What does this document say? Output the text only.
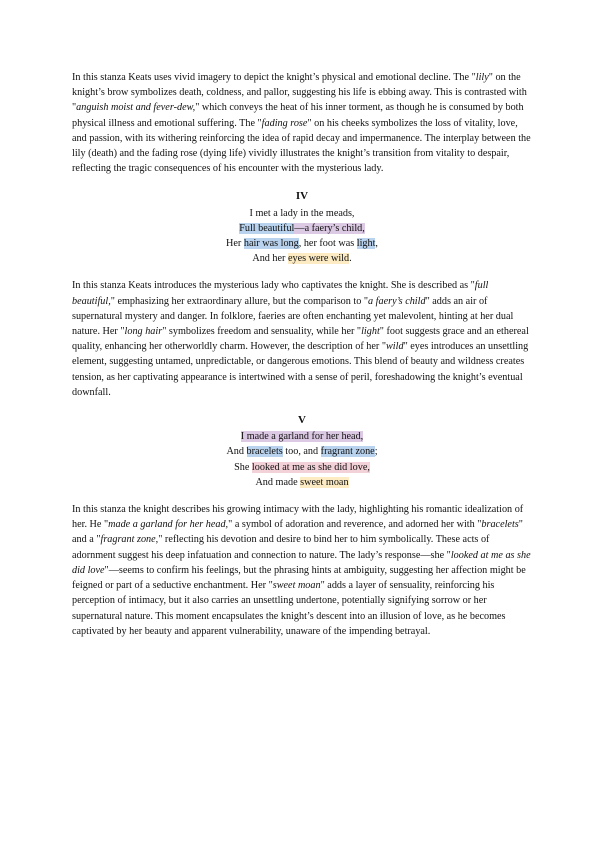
In this stanza Keats uses vivid imagery to depict the knight’s physical and emotional decline. The "lily" on the knight’s brow symbolizes death, coldness, and pallor, suggesting his life is ebbing away. This is contrasted with "anguish moist and fever-dew," which conveys the heat of his inner torment, as though he is consumed by both physical illness and emotional suffering. The "fading rose" on his cheeks symbolizes the loss of vitality, love, and passion, with its withering reinforcing the idea of rapid decay and impermanence. The interplay between the lily (death) and the fading rose (dying life) vividly illustrates the knight’s transition from vitality to despair, reflecting the tragic consequences of his encounter with the mysterious lady.

IV
I met a lady in the meads,
Full beautiful—a faery’s child,
Her hair was long, her foot was light,
And her eyes were wild.

In this stanza Keats introduces the mysterious lady who captivates the knight. She is described as "full beautiful," emphasizing her extraordinary allure, but the comparison to "a faery’s child" adds an air of supernatural mystery and danger. In folklore, faeries are often enchanting yet malevolent, hinting at her dual nature. Her "long hair" symbolizes freedom and sensuality, while her "light" foot suggests grace and an ethereal quality, enhancing her otherworldly charm. However, the description of her "wild" eyes introduces an unsettling element, suggesting untamed, unpredictable, or dangerous emotions. This blend of beauty and wildness creates tension, as her captivating appearance is intertwined with a sense of peril, foreshadowing the knight’s eventual downfall.

V
I made a garland for her head,
And bracelets too, and fragrant zone;
She looked at me as she did love,
And made sweet moan

In this stanza the knight describes his growing intimacy with the lady, highlighting his romantic idealization of her. He "made a garland for her head," a symbol of adoration and reverence, and adorned her with "bracelets" and a "fragrant zone," reflecting his devotion and desire to bind her to him symbolically. These acts of adornment suggest his deep infatuation and connection to nature. The lady’s response—she "looked at me as she did love"—seems to confirm his feelings, but the phrasing hints at ambiguity, suggesting her affection might be feigned or part of a seductive enchantment. Her "sweet moan" adds a layer of sensuality, reinforcing his perception of intimacy, but it also carries an unsettling undertone, potentially signifying sorrow or her supernatural nature. This moment encapsulates the knight’s descent into an illusion of love, as he becomes captivated by her beauty and apparent vulnerability, unaware of the impending betrayal.
